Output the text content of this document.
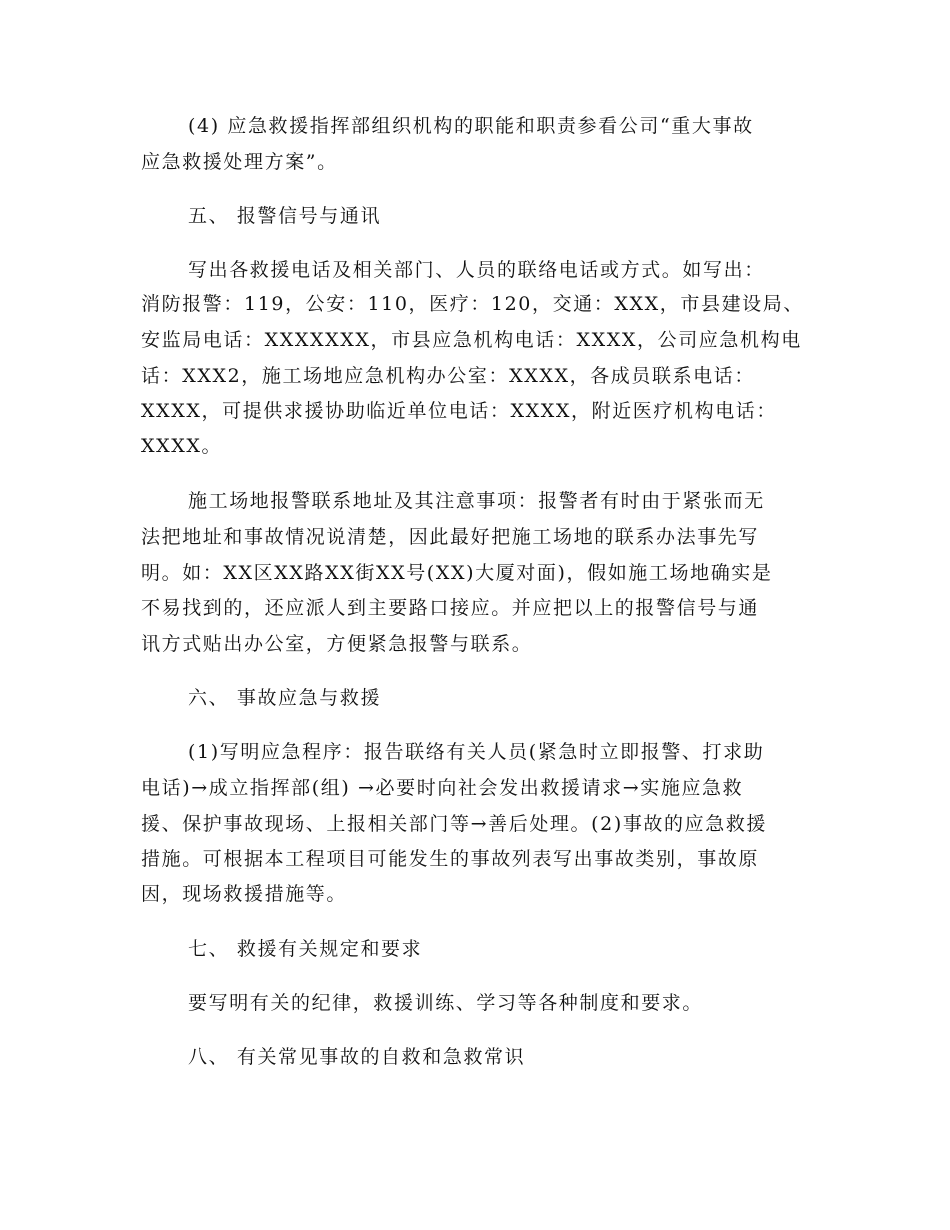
(4) 应急救援指挥部组织机构的职能和职责参看公司“重大事故
应急救援处理方案”。
五、 报警信号与通讯
写出各救援电话及相关部门、人员的联络电话或方式。如写出：
消防报警：119，公安：110，医疗：120，交通：XXX，市县建设局、
安监局电话：XXXXXXX，市县应急机构电话：XXXX，公司应急机构电
话：XXX2，施工场地应急机构办公室：XXXX，各成员联系电话：
XXXX，可提供求援协助临近单位电话：XXXX，附近医疗机构电话：
XXXX。
施工场地报警联系地址及其注意事项：报警者有时由于紧张而无
法把地址和事故情况说清楚，因此最好把施工场地的联系办法事先写
明。如：XX区XX路XX街XX号(XX)大厦对面)，假如施工场地确实是
不易找到的，还应派人到主要路口接应。并应把以上的报警信号与通
讯方式贴出办公室，方便紧急报警与联系。
六、 事故应急与救援
(1)写明应急程序：报告联络有关人员(紧急时立即报警、打求助
电话)→成立指挥部(组) →必要时向社会发出救援请求→实施应急救
援、保护事故现场、上报相关部门等→善后处理。(2)事故的应急救援
措施。可根据本工程项目可能发生的事故列表写出事故类别，事故原
因，现场救援措施等。
七、 救援有关规定和要求
要写明有关的纪律，救援训练、学习等各种制度和要求。
八、 有关常见事故的自救和急救常识
